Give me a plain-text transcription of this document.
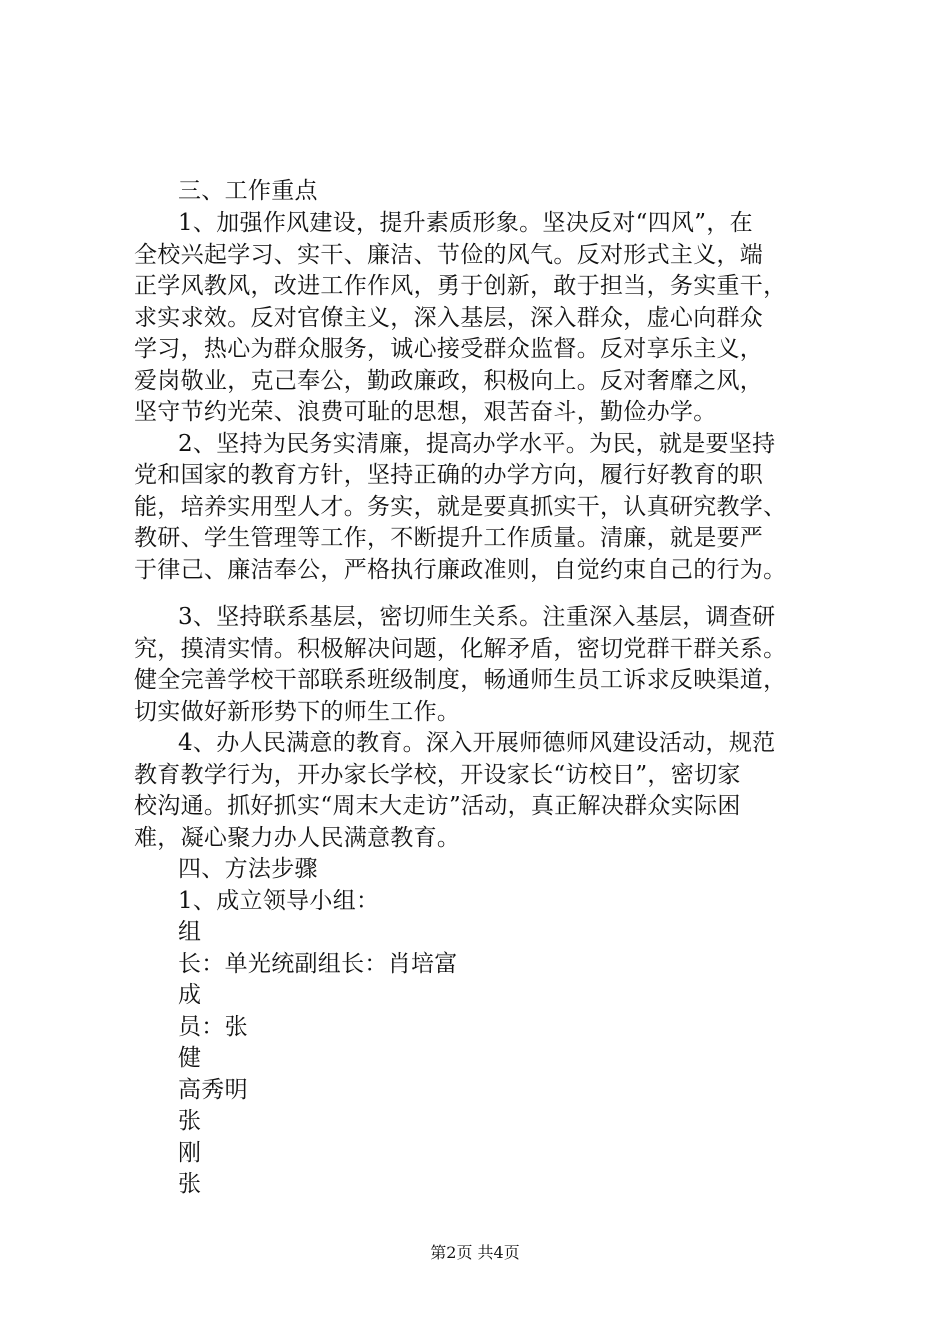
三、工作重点
1、加强作风建设，提升素质形象。坚决反对“四风”，在
全校兴起学习、实干、廉洁、节俭的风气。反对形式主义，端
正学风教风，改进工作作风，勇于创新，敢于担当，务实重干，
求实求效。反对官僚主义，深入基层，深入群众，虚心向群众
学习，热心为群众服务，诚心接受群众监督。反对享乐主义，
爱岗敬业，克己奉公，勤政廉政，积极向上。反对奢靡之风，
坚守节约光荣、浪费可耻的思想，艰苦奋斗，勤俭办学。
2、坚持为民务实清廉，提高办学水平。为民，就是要坚持
党和国家的教育方针，坚持正确的办学方向，履行好教育的职
能，培养实用型人才。务实，就是要真抓实干，认真研究教学、
教研、学生管理等工作，不断提升工作质量。清廉，就是要严
于律己、廉洁奉公，严格执行廉政准则，自觉约束自己的行为。
3、坚持联系基层，密切师生关系。注重深入基层，调查研
究，摸清实情。积极解决问题，化解矛盾，密切党群干群关系。
健全完善学校干部联系班级制度，畅通师生员工诉求反映渠道，
切实做好新形势下的师生工作。
4、办人民满意的教育。深入开展师德师风建设活动，规范
教育教学行为，开办家长学校，开设家长“访校日”，密切家
校沟通。抓好抓实“周末大走访”活动，真正解决群众实际困
难，凝心聚力办人民满意教育。
四、方法步骤
1、成立领导小组：
组
长：单光统副组长：肖培富
成
员：张
健
高秀明
张
刚
张
第2页 共4页
